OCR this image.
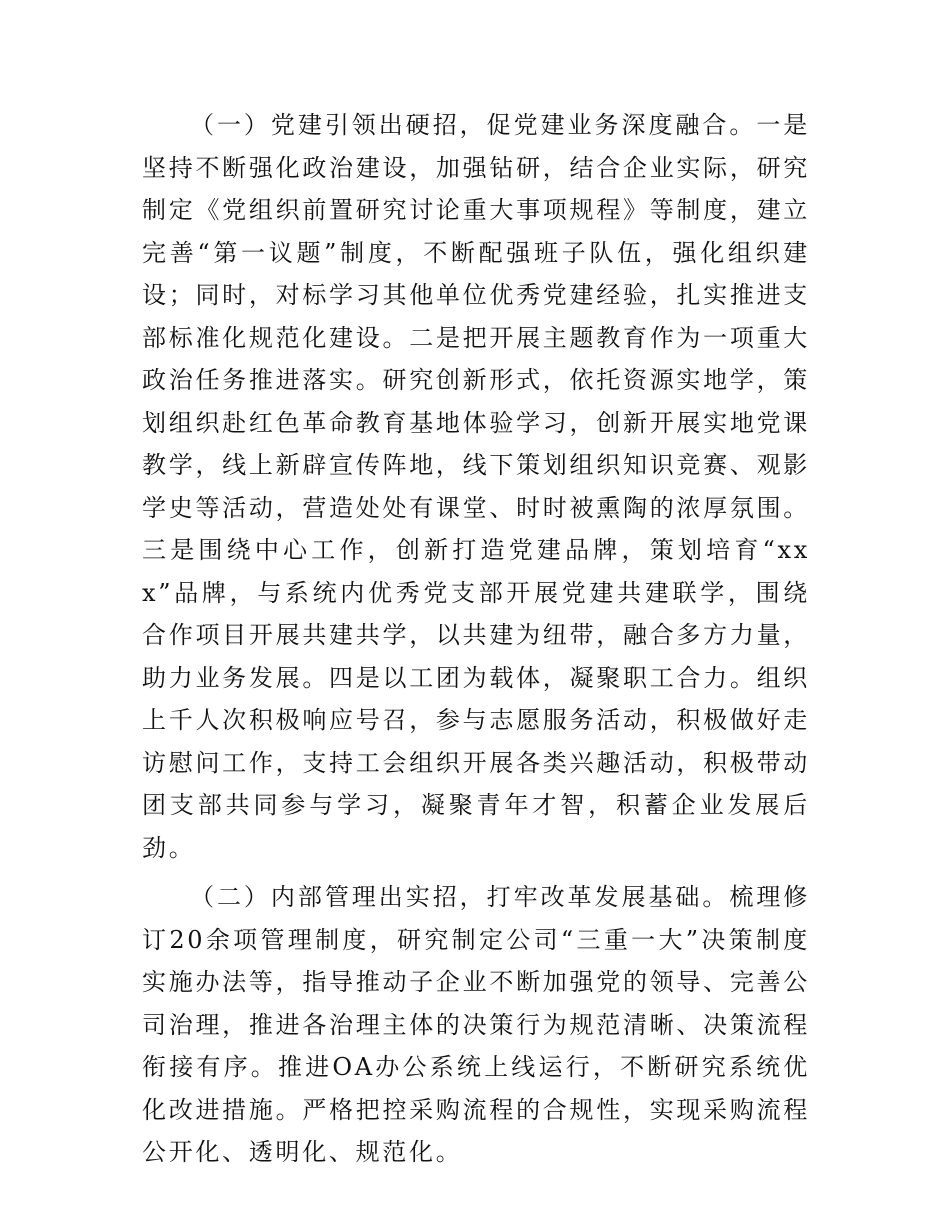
（一）党建引领出硬招，促党建业务深度融合。一是坚持不断强化政治建设，加强钻研，结合企业实际，研究制定《党组织前置研究讨论重大事项规程》等制度，建立完善“第一议题”制度，不断配强班子队伍，强化组织建设；同时，对标学习其他单位优秀党建经验，扎实推进支部标准化规范化建设。二是把开展主题教育作为一项重大政治任务推进落实。研究创新形式，依托资源实地学，策划组织赴红色革命教育基地体验学习，创新开展实地党课教学，线上新辟宣传阵地，线下策划组织知识竞赛、观影学史等活动，营造处处有课堂、时时被熏陶的浓厚氛围。三是围绕中心工作，创新打造党建品牌，策划培育“xxx”品牌，与系统内优秀党支部开展党建共建联学，围绕合作项目开展共建共学，以共建为纽带，融合多方力量，助力业务发展。四是以工团为载体，凝聚职工合力。组织上千人次积极响应号召，参与志愿服务活动，积极做好走访慰问工作，支持工会组织开展各类兴趣活动，积极带动团支部共同参与学习，凝聚青年才智，积蓄企业发展后劲。

（二）内部管理出实招，打牢改革发展基础。梳理修订20余项管理制度，研究制定公司“三重一大”决策制度实施办法等，指导推动子企业不断加强党的领导、完善公司治理，推进各治理主体的决策行为规范清晰、决策流程衔接有序。推进OA办公系统上线运行，不断研究系统优化改进措施。严格把控采购流程的合规性，实现采购流程公开化、透明化、规范化。
